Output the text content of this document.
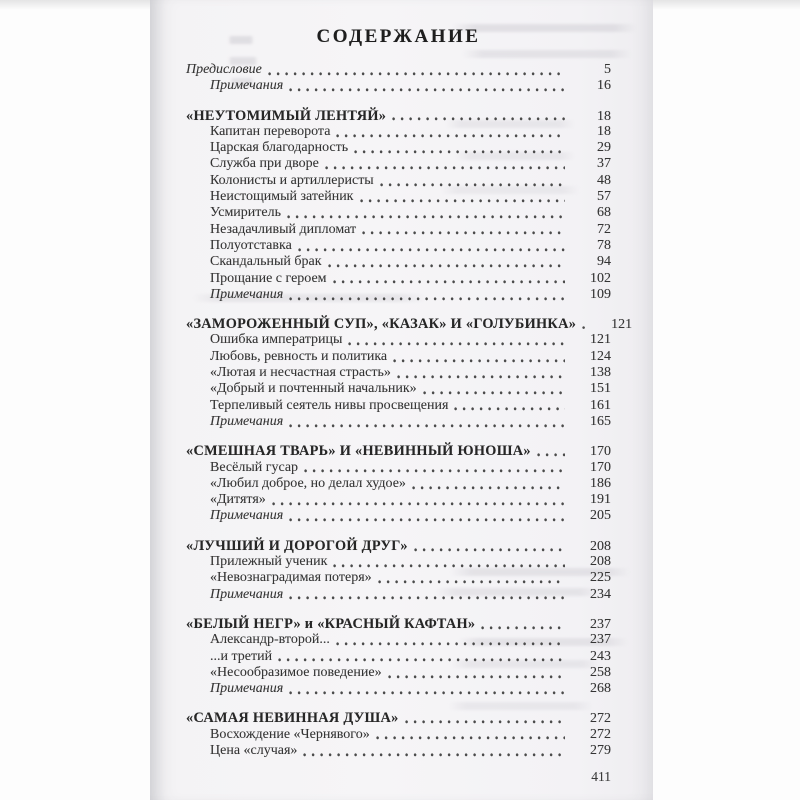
СОДЕРЖАНИЕ
Предисловие	5
Примечания	16
«НЕУТОМИМЫЙ ЛЕНТЯЙ»	18
Капитан переворота	18
Царская благодарность	29
Служба при дворе	37
Колонисты и артиллеристы	48
Неистощимый затейник	57
Усмиритель	68
Незадачливый дипломат	72
Полуотставка	78
Скандальный брак	94
Прощание с героем	102
Примечания	109
«ЗАМОРОЖЕННЫЙ СУП», «КАЗАК» И «ГОЛУБИНКА»	121
Ошибка императрицы	121
Любовь, ревность и политика	124
«Лютая и несчастная страсть»	138
«Добрый и почтенный начальник»	151
Терпеливый сеятель нивы просвещения	161
Примечания	165
«СМЕШНАЯ ТВАРЬ» И «НЕВИННЫЙ ЮНОША»	170
Весёлый гусар	170
«Любил доброе, но делал худое»	186
«Дитятя»	191
Примечания	205
«ЛУЧШИЙ И ДОРОГОЙ ДРУГ»	208
Прилежный ученик	208
«Невознаградимая потеря»	225
Примечания	234
«БЕЛЫЙ НЕГР» и «КРАСНЫЙ КАФТАН»	237
Александр-второй...	237
...и третий	243
«Несообразимое поведение»	258
Примечания	268
«САМАЯ НЕВИННАЯ ДУША»	272
Восхождение «Чернявого»	272
Цена «случая»	279
411
